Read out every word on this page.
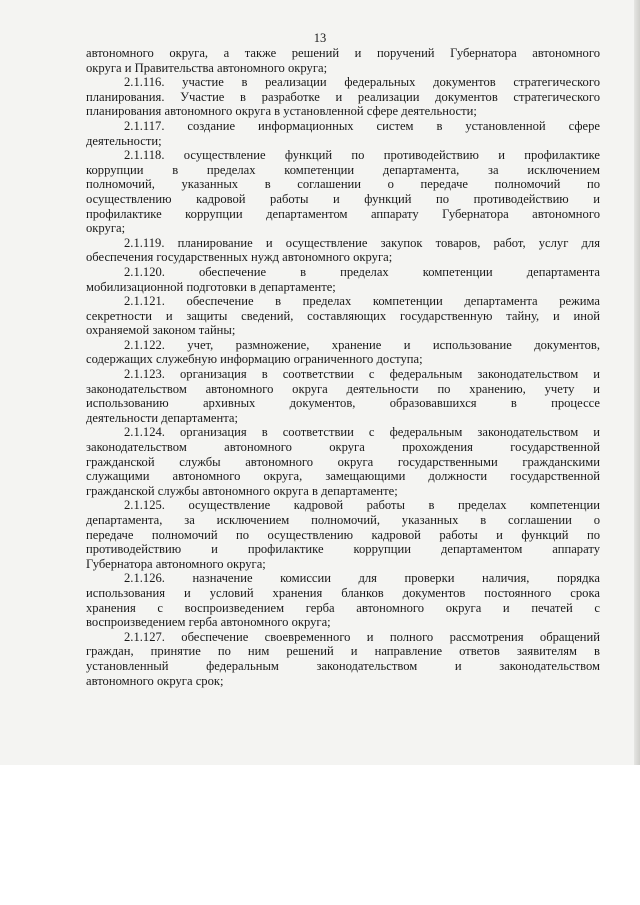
13
автономного округа, а также решений и поручений Губернатора автономного
округа и Правительства автономного округа;
2.1.116. участие в реализации федеральных документов стратегического
планирования. Участие в разработке и реализации документов стратегического
планирования автономного округа в установленной сфере деятельности;
2.1.117. создание информационных систем в установленной сфере
деятельности;
2.1.118. осуществление функций по противодействию и профилактике
коррупции в пределах компетенции департамента, за исключением
полномочий, указанных в соглашении о передаче полномочий по
осуществлению кадровой работы и функций по противодействию и
профилактике коррупции департаментом аппарату Губернатора автономного
округа;
2.1.119. планирование и осуществление закупок товаров, работ, услуг для
обеспечения государственных нужд автономного округа;
2.1.120. обеспечение в пределах компетенции департамента
мобилизационной подготовки в департаменте;
2.1.121. обеспечение в пределах компетенции департамента режима
секретности и защиты сведений, составляющих государственную тайну, и иной
охраняемой законом тайны;
2.1.122. учет, размножение, хранение и использование документов,
содержащих служебную информацию ограниченного доступа;
2.1.123. организация в соответствии с федеральным законодательством и
законодательством автономного округа деятельности по хранению, учету и
использованию архивных документов, образовавшихся в процессе
деятельности департамента;
2.1.124. организация в соответствии с федеральным законодательством и
законодательством автономного округа прохождения государственной
гражданской службы автономного округа государственными гражданскими
служащими автономного округа, замещающими должности государственной
гражданской службы автономного округа в департаменте;
2.1.125. осуществление кадровой работы в пределах компетенции
департамента, за исключением полномочий, указанных в соглашении о
передаче полномочий по осуществлению кадровой работы и функций по
противодействию и профилактике коррупции департаментом аппарату
Губернатора автономного округа;
2.1.126. назначение комиссии для проверки наличия, порядка
использования и условий хранения бланков документов постоянного срока
хранения с воспроизведением герба автономного округа и печатей с
воспроизведением герба автономного округа;
2.1.127. обеспечение своевременного и полного рассмотрения обращений
граждан, принятие по ним решений и направление ответов заявителям в
установленный федеральным законодательством и законодательством
автономного округа срок;
